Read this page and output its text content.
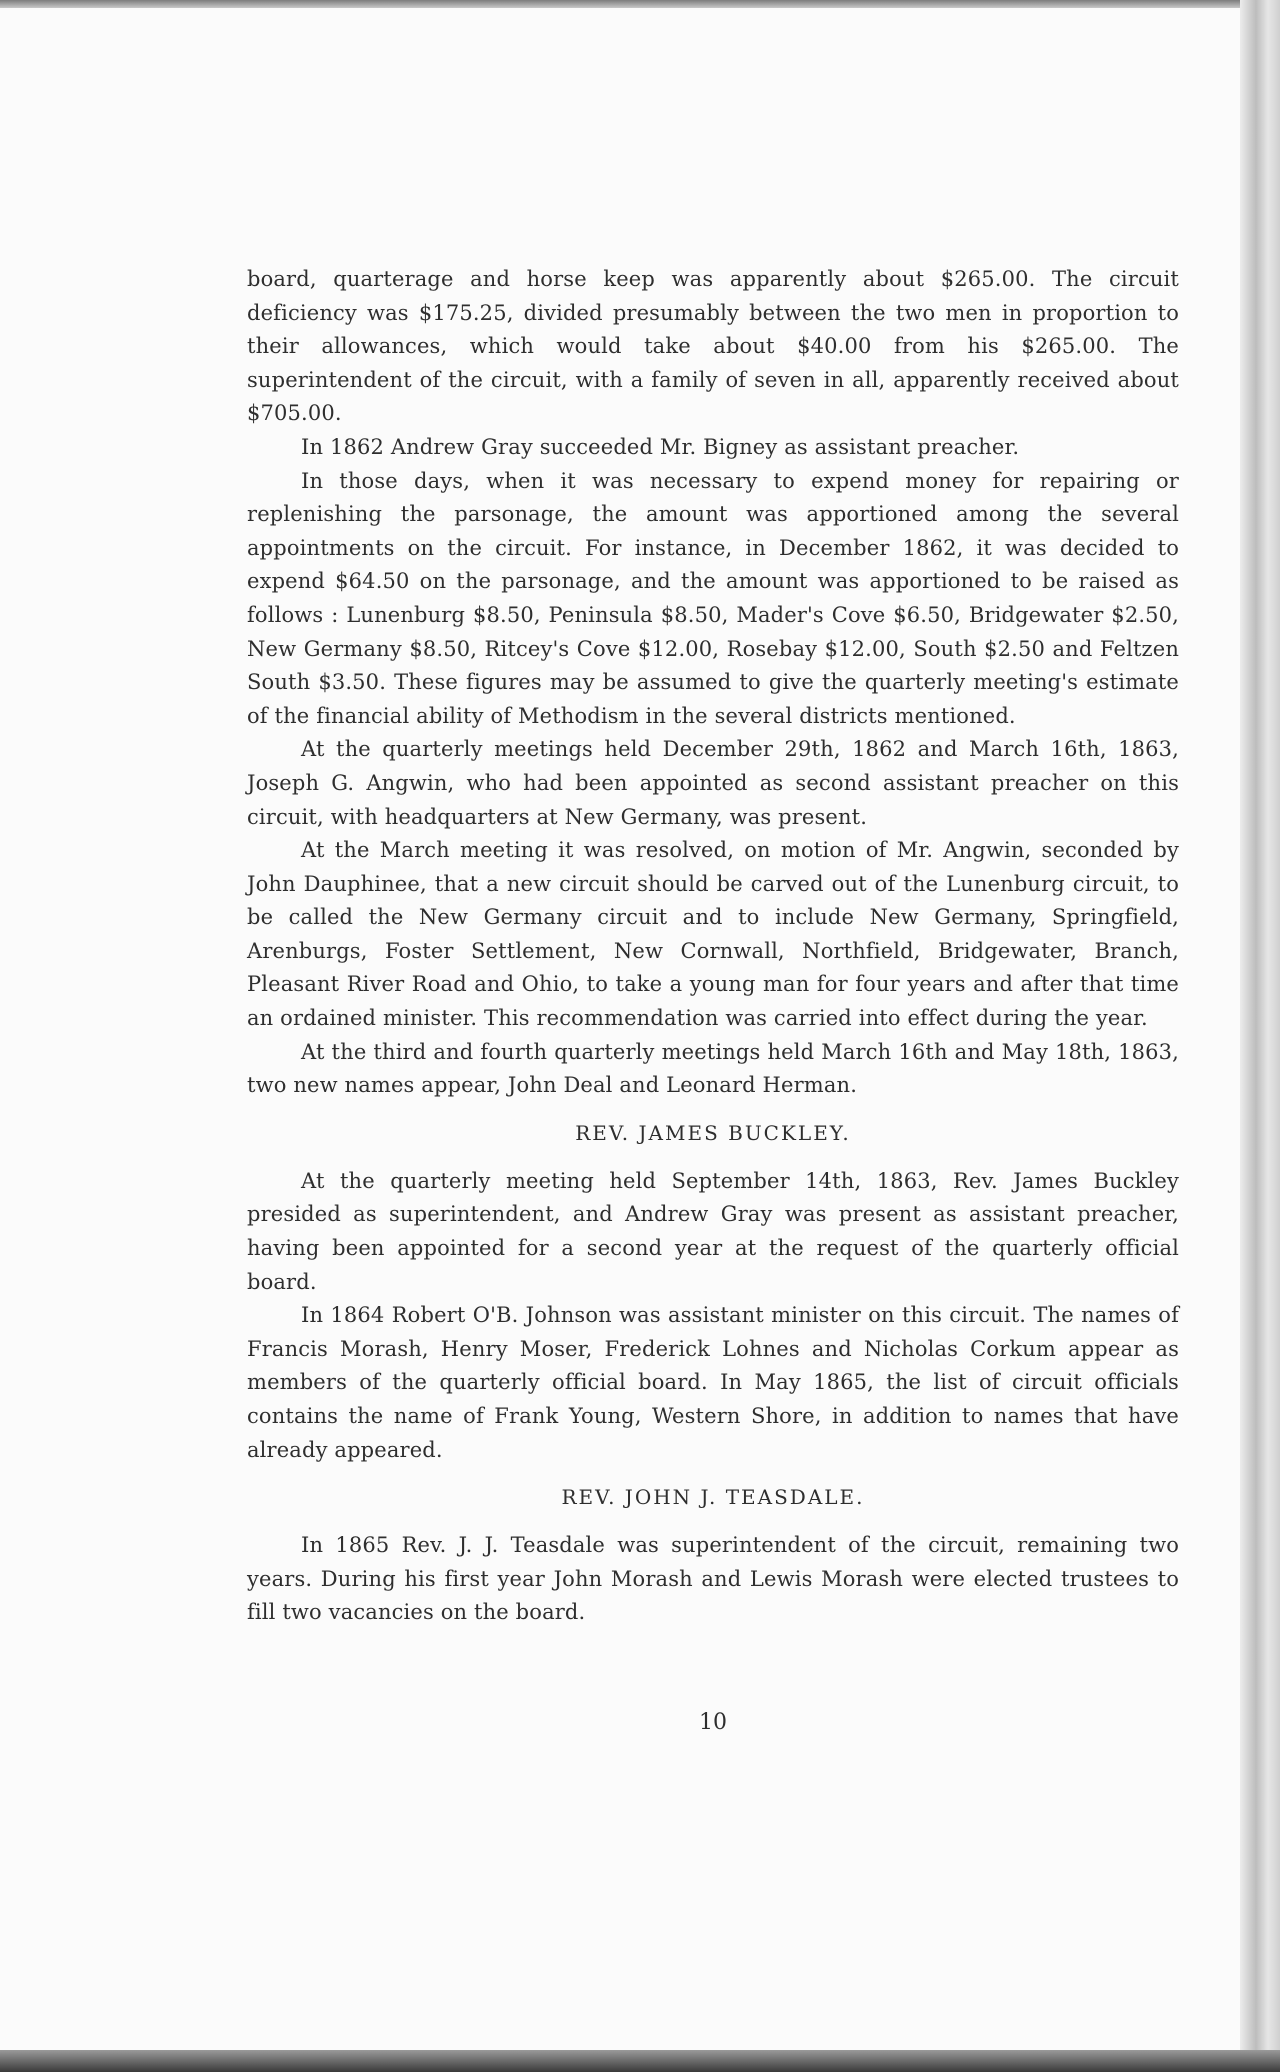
board, quarterage and horse keep was apparently about $265.00. The circuit deficiency was $175.25, divided presumably between the two men in proportion to their allowances, which would take about $40.00 from his $265.00. The superintendent of the circuit, with a family of seven in all, apparently received about $705.00.

In 1862 Andrew Gray succeeded Mr. Bigney as assistant preacher.

In those days, when it was necessary to expend money for repairing or replenishing the parsonage, the amount was apportioned among the several appointments on the circuit. For instance, in December 1862, it was decided to expend $64.50 on the parsonage, and the amount was apportioned to be raised as follows : Lunenburg $8.50, Peninsula $8.50, Mader's Cove $6.50, Bridgewater $2.50, New Germany $8.50, Ritcey's Cove $12.00, Rosebay $12.00, South $2.50 and Feltzen South $3.50. These figures may be assumed to give the quarterly meeting's estimate of the financial ability of Methodism in the several districts mentioned.

At the quarterly meetings held December 29th, 1862 and March 16th, 1863, Joseph G. Angwin, who had been appointed as second assistant preacher on this circuit, with headquarters at New Germany, was present.

At the March meeting it was resolved, on motion of Mr. Angwin, seconded by John Dauphinee, that a new circuit should be carved out of the Lunenburg circuit, to be called the New Germany circuit and to include New Germany, Springfield, Arenburgs, Foster Settlement, New Cornwall, Northfield, Bridgewater, Branch, Pleasant River Road and Ohio, to take a young man for four years and after that time an ordained minister. This recommendation was carried into effect during the year.

At the third and fourth quarterly meetings held March 16th and May 18th, 1863, two new names appear, John Deal and Leonard Herman.

REV. JAMES BUCKLEY.

At the quarterly meeting held September 14th, 1863, Rev. James Buckley presided as superintendent, and Andrew Gray was present as assistant preacher, having been appointed for a second year at the request of the quarterly official board.

In 1864 Robert O'B. Johnson was assistant minister on this circuit. The names of Francis Morash, Henry Moser, Frederick Lohnes and Nicholas Corkum appear as members of the quarterly official board. In May 1865, the list of circuit officials contains the name of Frank Young, Western Shore, in addition to names that have already appeared.

REV. JOHN J. TEASDALE.

In 1865 Rev. J. J. Teasdale was superintendent of the circuit, remaining two years. During his first year John Morash and Lewis Morash were elected trustees to fill two vacancies on the board.

10
